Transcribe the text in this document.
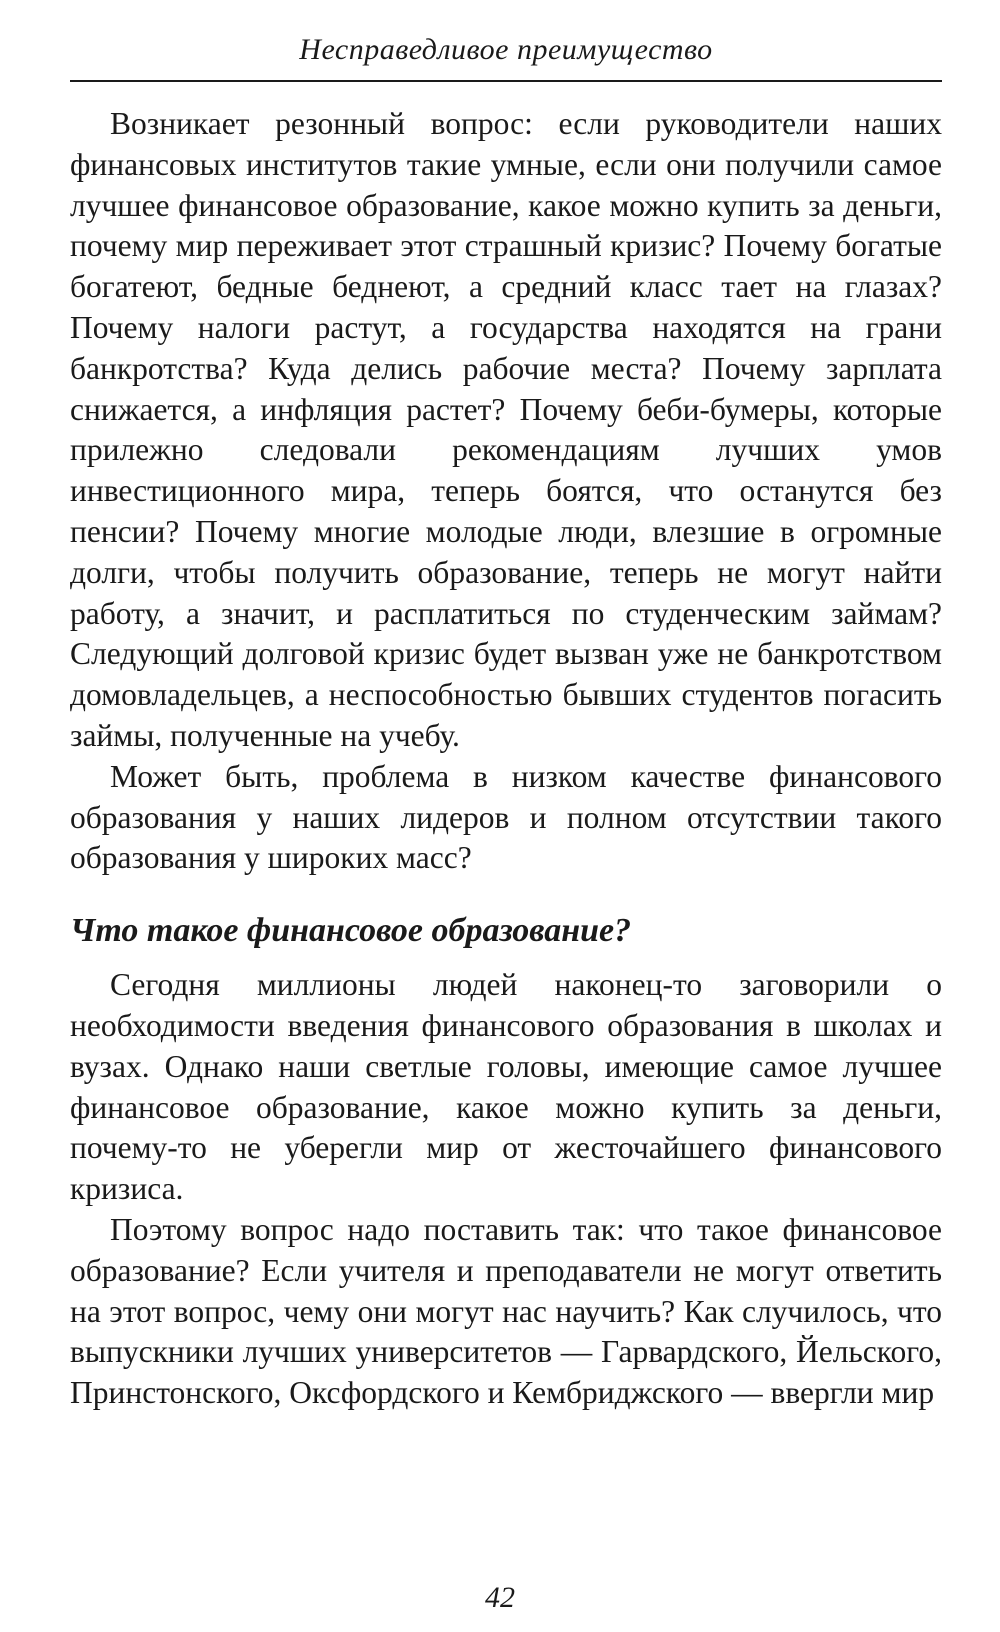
Несправедливое преимущество

Возникает резонный вопрос: если руководители наших финансовых институтов такие умные, если они получили самое лучшее финансовое образование, какое можно купить за деньги, почему мир переживает этот страшный кризис? Почему богатые богатеют, бедные беднеют, а средний класс тает на глазах? Почему налоги растут, а государства находятся на грани банкротства? Куда делись рабочие места? Почему зарплата снижается, а инфляция растет? Почему беби-бумеры, которые прилежно следовали рекомендациям лучших умов инвестиционного мира, теперь боятся, что останутся без пенсии? Почему многие молодые люди, влезшие в огромные долги, чтобы получить образование, теперь не могут найти работу, а значит, и расплатиться по студенческим займам? Следующий долговой кризис будет вызван уже не банкротством домовладельцев, а неспособностью бывших студентов погасить займы, полученные на учебу.

Может быть, проблема в низком качестве финансового образования у наших лидеров и полном отсутствии такого образования у широких масс?

Что такое финансовое образование?

Сегодня миллионы людей наконец-то заговорили о необходимости введения финансового образования в школах и вузах. Однако наши светлые головы, имеющие самое лучшее финансовое образование, какое можно купить за деньги, почему-то не уберегли мир от жесточайшего финансового кризиса.

Поэтому вопрос надо поставить так: что такое финансовое образование? Если учителя и преподаватели не могут ответить на этот вопрос, чему они могут нас научить? Как случилось, что выпускники лучших университетов — Гарвардского, Йельского, Принстонского, Оксфордского и Кембриджского — ввергли мир

42
